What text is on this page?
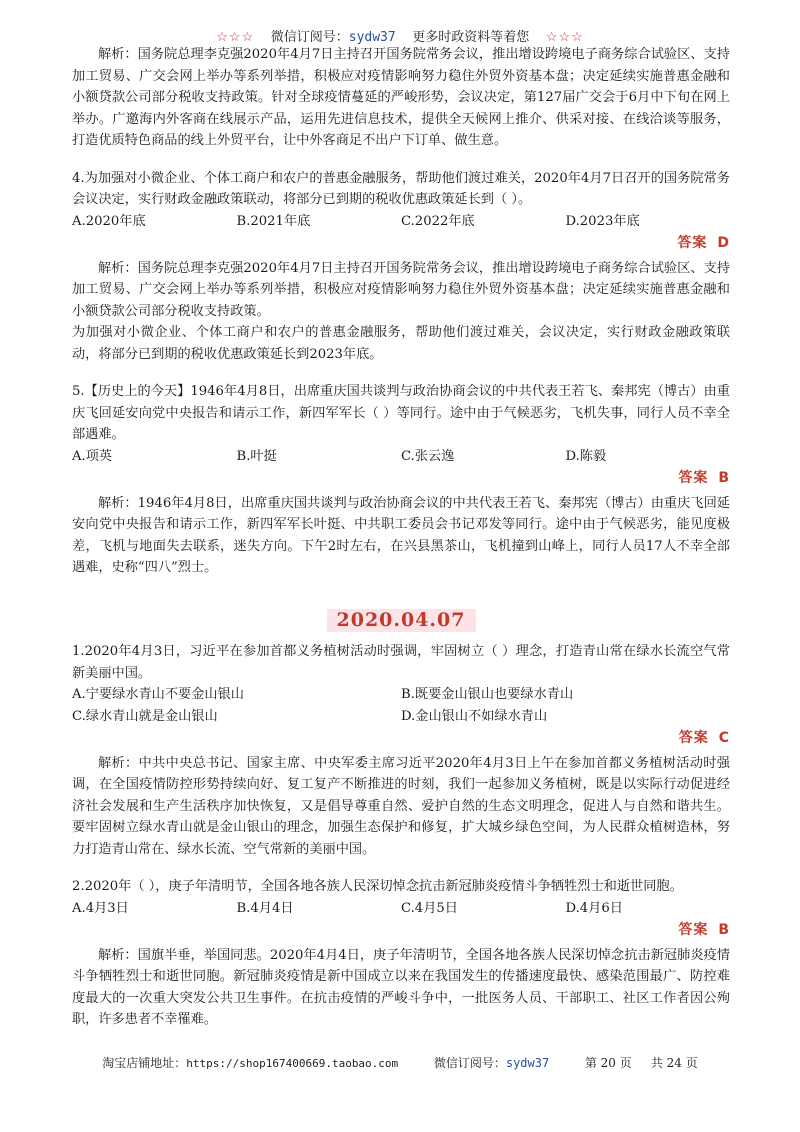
☆☆☆ 微信订阅号：sydw37 更多时政资料等着您 ☆☆☆

解析：国务院总理李克强2020年4月7日主持召开国务院常务会议，推出增设跨境电子商务综合试验区、支持加工贸易、广交会网上举办等系列举措，积极应对疫情影响努力稳住外贸外资基本盘；决定延续实施普惠金融和小额贷款公司部分税收支持政策。针对全球疫情蔓延的严峻形势，会议决定，第127届广交会于6月中下旬在网上举办。广邀海内外客商在线展示产品，运用先进信息技术，提供全天候网上推介、供采对接、在线洽谈等服务，打造优质特色商品的线上外贸平台，让中外客商足不出户下订单、做生意。

4.为加强对小微企业、个体工商户和农户的普惠金融服务，帮助他们渡过难关，2020年4月7日召开的国务院常务会议决定，实行财政金融政策联动，将部分已到期的税收优惠政策延长到（ ）。

A.2020年底	B.2021年底	C.2022年底	D.2023年底
答案 D

解析：国务院总理李克强2020年4月7日主持召开国务院常务会议，推出增设跨境电子商务综合试验区、支持加工贸易、广交会网上举办等系列举措，积极应对疫情影响努力稳住外贸外资基本盘；决定延续实施普惠金融和小额贷款公司部分税收支持政策。

为加强对小微企业、个体工商户和农户的普惠金融服务，帮助他们渡过难关，会议决定，实行财政金融政策联动，将部分已到期的税收优惠政策延长到2023年底。

5.【历史上的今天】1946年4月8日，出席重庆国共谈判与政治协商会议的中共代表王若飞、秦邦宪（博古）由重庆飞回延安向党中央报告和请示工作，新四军军长（ ）等同行。途中由于气候恶劣，飞机失事，同行人员不幸全部遇难。

A.项英	B.叶挺	C.张云逸	D.陈毅
答案 B

解析：1946年4月8日，出席重庆国共谈判与政治协商会议的中共代表王若飞、秦邦宪（博古）由重庆飞回延安向党中央报告和请示工作，新四军军长叶挺、中共职工委员会书记邓发等同行。途中由于气候恶劣，能见度极差，飞机与地面失去联系，迷失方向。下午2时左右，在兴县黑茶山，飞机撞到山峰上，同行人员17人不幸全部遇难，史称“四八”烈士。

2020.04.07

1.2020年4月3日，习近平在参加首都义务植树活动时强调，牢固树立（ ）理念，打造青山常在绿水长流空气常新美丽中国。

A.宁要绿水青山不要金山银山	B.既要金山银山也要绿水青山
C.绿水青山就是金山银山	D.金山银山不如绿水青山
答案 C

解析：中共中央总书记、国家主席、中央军委主席习近平2020年4月3日上午在参加首都义务植树活动时强调，在全国疫情防控形势持续向好、复工复产不断推进的时刻，我们一起参加义务植树，既是以实际行动促进经济社会发展和生产生活秩序加快恢复，又是倡导尊重自然、爱护自然的生态文明理念，促进人与自然和谐共生。要牢固树立绿水青山就是金山银山的理念，加强生态保护和修复，扩大城乡绿色空间，为人民群众植树造林，努力打造青山常在、绿水长流、空气常新的美丽中国。

2.2020年（ ），庚子年清明节，全国各地各族人民深切悼念抗击新冠肺炎疫情斗争牺牲烈士和逝世同胞。

A.4月3日	B.4月4日	C.4月5日	D.4月6日
答案 B

解析：国旗半垂，举国同悲。2020年4月4日，庚子年清明节，全国各地各族人民深切悼念抗击新冠肺炎疫情斗争牺牲烈士和逝世同胞。新冠肺炎疫情是新中国成立以来在我国发生的传播速度最快、感染范围最广、防控难度最大的一次重大突发公共卫生事件。在抗击疫情的严峻斗争中，一批医务人员、干部职工、社区工作者因公殉职，许多患者不幸罹难。

淘宝店铺地址：https://shop167400669.taobao.com	微信订阅号：sydw37	第 20 页 共 24 页
